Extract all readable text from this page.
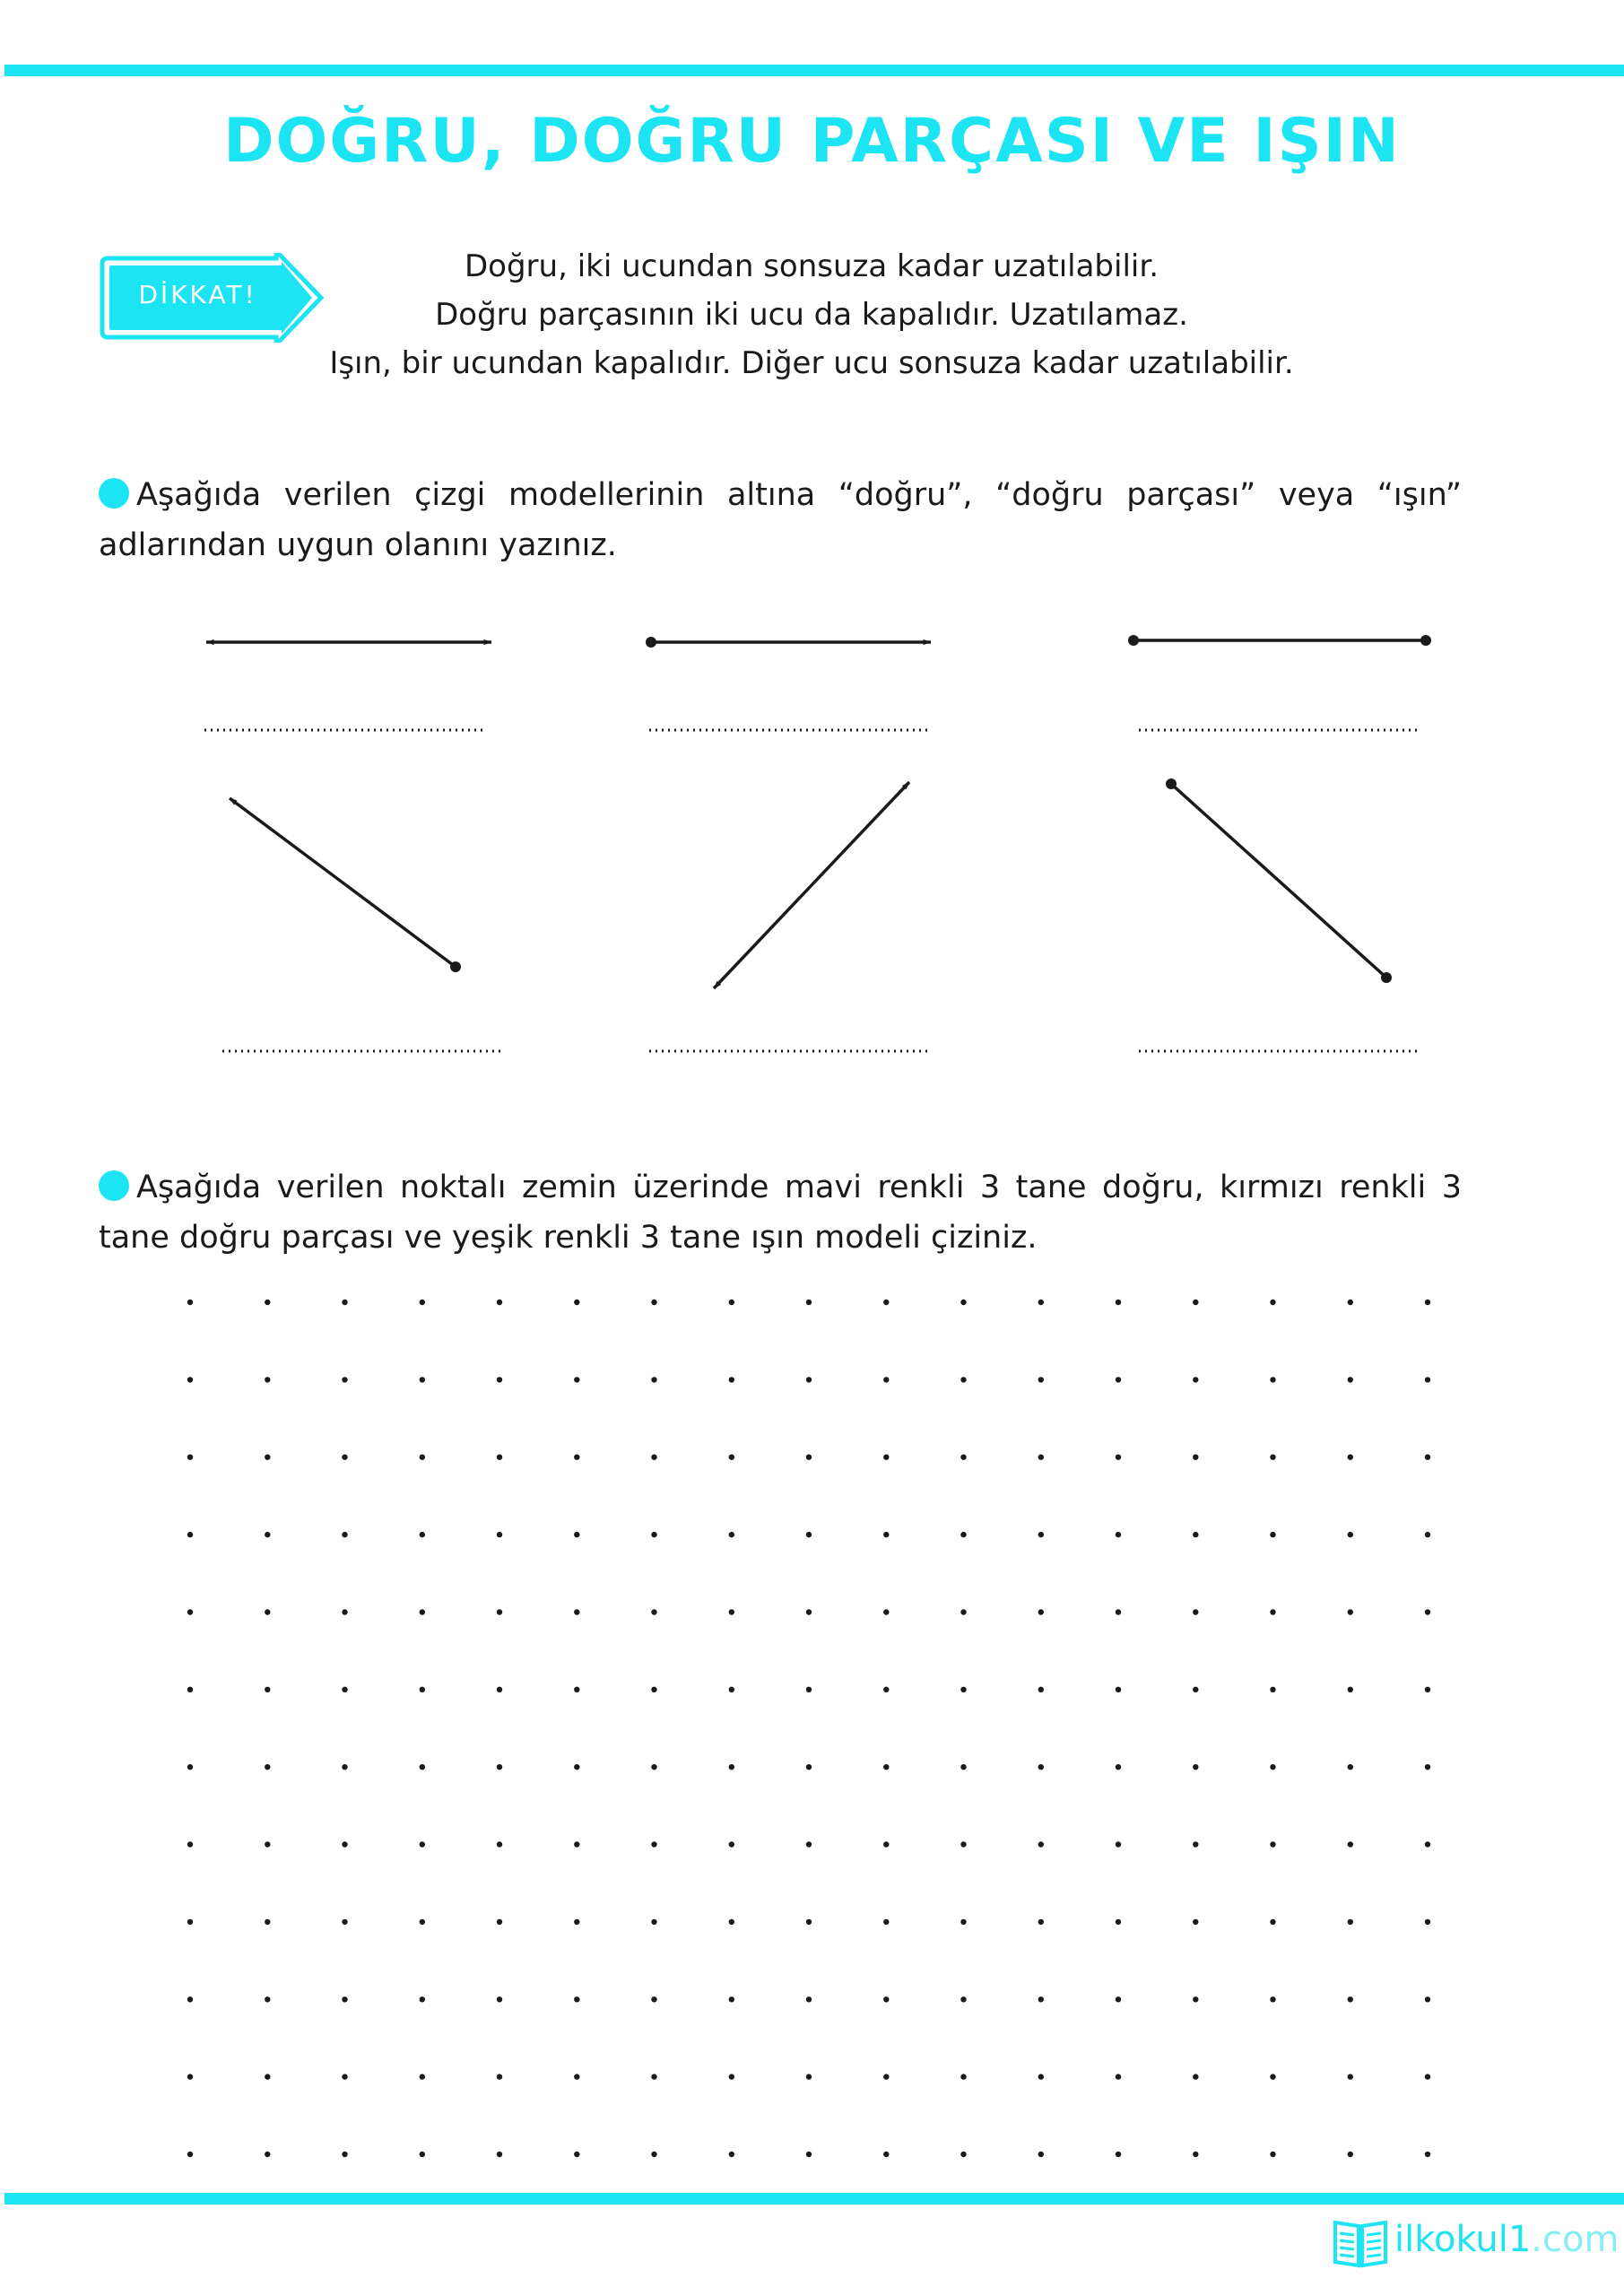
DOĞRU, DOĞRU PARÇASI VE IŞIN
DİKKAT!
Doğru, iki ucundan sonsuza kadar uzatılabilir.
Doğru parçasının iki ucu da kapalıdır. Uzatılamaz.
Işın, bir ucundan kapalıdır. Diğer ucu sonsuza kadar uzatılabilir.
Aşağıda verilen çizgi modellerinin altına “doğru”, “doğru parçası” veya “ışın” adlarından uygun olanını yazınız.
Aşağıda verilen noktalı zemin üzerinde mavi renkli 3 tane doğru, kırmızı renkli 3 tane doğru parçası ve yeşik renkli 3 tane ışın modeli çiziniz.
ilkokul1.com
